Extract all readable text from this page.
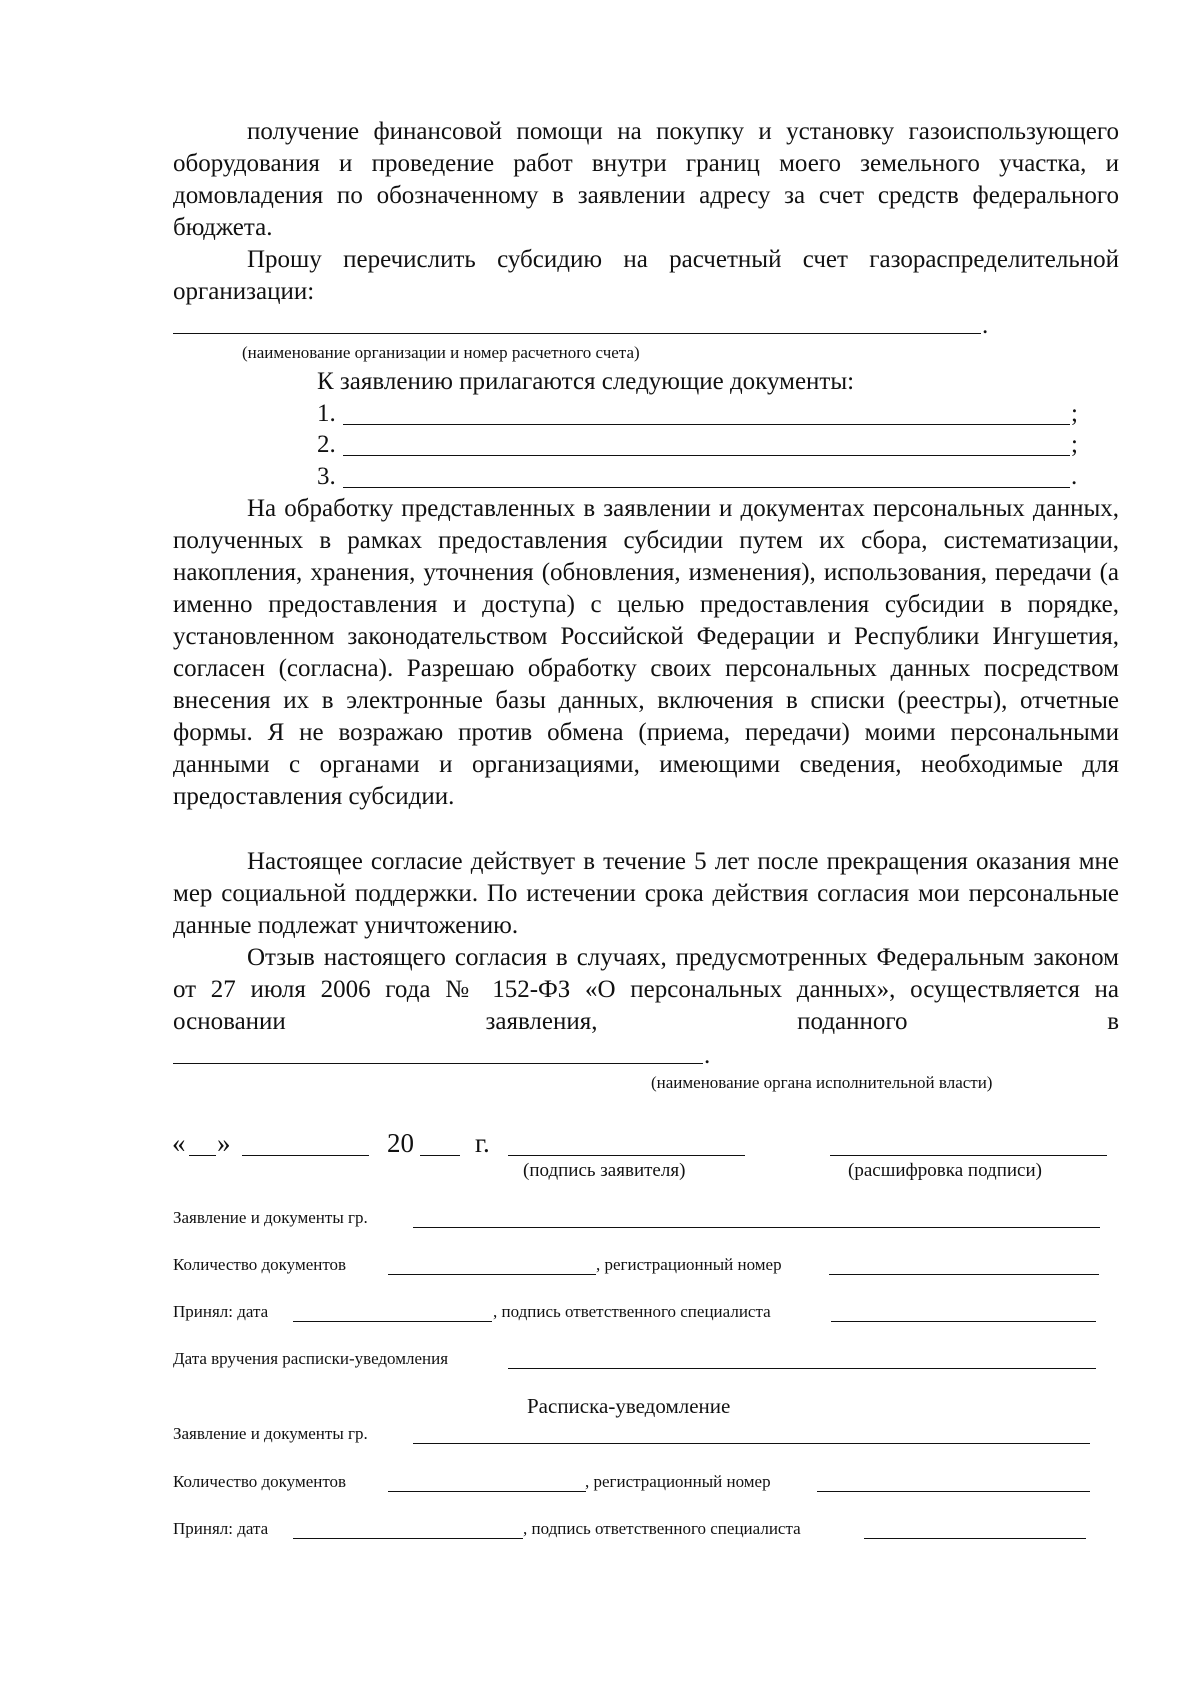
получение финансовой помощи на покупку и установку газоиспользующего оборудования и проведение работ внутри границ моего земельного участка, и домовладения по обозначенному в заявлении адресу за счет средств федерального бюджета.

Прошу перечислить субсидию на расчетный счет газораспределительной организации:

.

(наименование организации и номер расчетного счета)

К заявлению прилагаются следующие документы:

1.	;

2.	;

3.	.

На обработку представленных в заявлении и документах персональных данных, полученных в рамках предоставления субсидии путем их сбора, систематизации, накопления, хранения, уточнения (обновления, изменения), использования, передачи (а именно предоставления и доступа) с целью предоставления субсидии в порядке, установленном законодательством Российской Федерации и Республики Ингушетия, согласен (согласна). Разрешаю обработку своих персональных данных посредством внесения их в электронные базы данных, включения в списки (реестры), отчетные формы. Я не возражаю против обмена (приема, передачи) моими персональными данными с органами и организациями, имеющими сведения, необходимые для предоставления субсидии.

Настоящее согласие действует в течение 5 лет после прекращения оказания мне мер социальной поддержки. По истечении срока действия согласия мои персональные данные подлежат уничтожению.

Отзыв настоящего согласия в случаях, предусмотренных Федеральным законом от 27 июля 2006 года № 152-ФЗ «О персональных данных», осуществляется на основании заявления, поданного в

.

(наименование органа исполнительной власти)

« »	20 г.

(подпись заявителя)	(расшифровка подписи)

Заявление и документы гр.

Количество документов	, регистрационный номер

Принял: дата	, подпись ответственного специалиста

Дата вручения расписки-уведомления

Расписка-уведомление

Заявление и документы гр.

Количество документов	, регистрационный номер

Принял: дата	, подпись ответственного специалиста
